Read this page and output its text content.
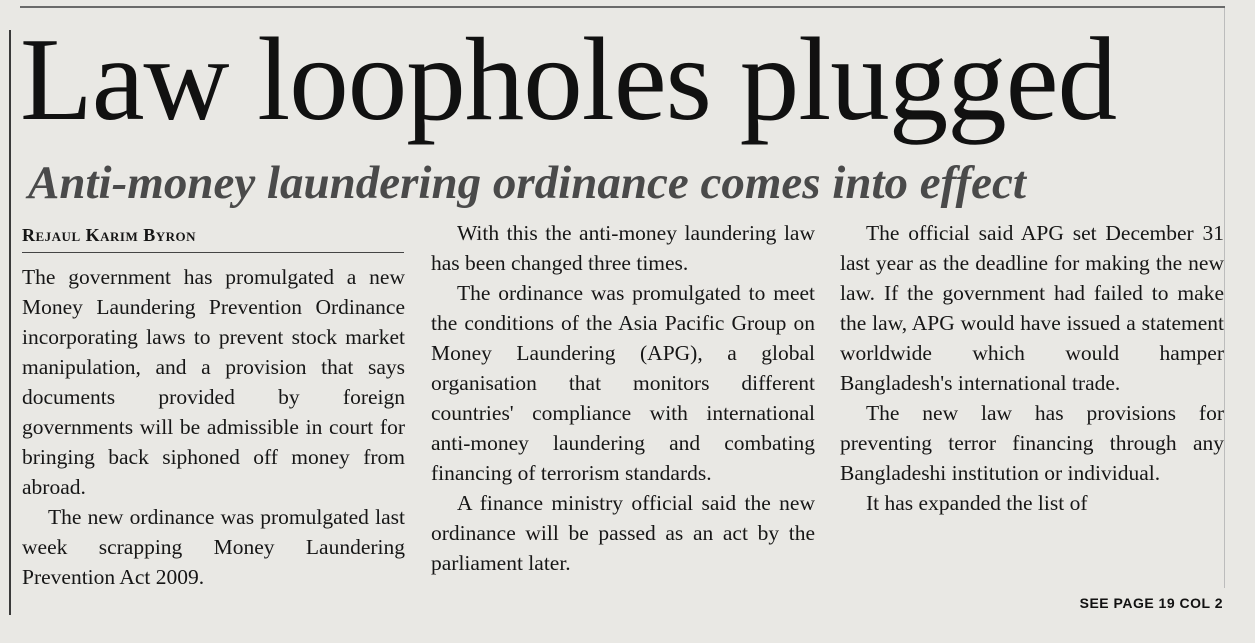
Law loopholes plugged
Anti-money laundering ordinance comes into effect
Rejaul Karim Byron

The government has promulgated a new Money Laundering Prevention Ordinance incorporating laws to prevent stock market manipulation, and a provision that says documents provided by foreign governments will be admissible in court for bringing back siphoned off money from abroad.

The new ordinance was promulgated last week scrapping Money Laundering Prevention Act 2009.

With this the anti-money laundering law has been changed three times.

The ordinance was promulgated to meet the conditions of the Asia Pacific Group on Money Laundering (APG), a global organisation that monitors different countries' compliance with international anti-money laundering and combating financing of terrorism standards.

A finance ministry official said the new ordinance will be passed as an act by the parliament later.

The official said APG set December 31 last year as the deadline for making the new law. If the government had failed to make the law, APG would have issued a statement worldwide which would hamper Bangladesh's international trade.

The new law has provisions for preventing terror financing through any Bangladeshi institution or individual.

It has expanded the list of

SEE PAGE 19 COL 2
